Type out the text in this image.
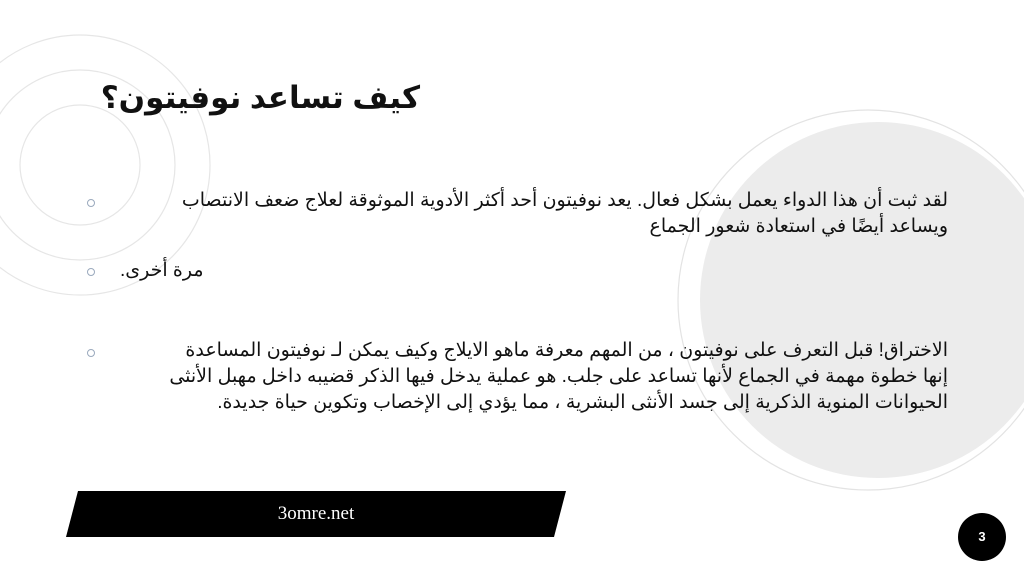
كيف تساعد نوفيتون؟

لقد ثبت أن هذا الدواء يعمل بشكل فعال. يعد نوفيتون أحد أكثر الأدوية الموثوقة لعلاج ضعف الانتصاب
ويساعد أيضًا في استعادة شعور الجماع

مرة أخرى.

الاختراق! قبل التعرف على نوفيتون ، من المهم معرفة ماهو الايلاج وكيف يمكن لـ نوفيتون المساعدة
إنها خطوة مهمة في الجماع لأنها تساعد على جلب. هو عملية يدخل فيها الذكر قضيبه داخل مهبل الأنثى
الحيوانات المنوية الذكرية إلى جسد الأنثى البشرية ، مما يؤدي إلى الإخصاب وتكوين حياة جديدة.

3omre.net
3
